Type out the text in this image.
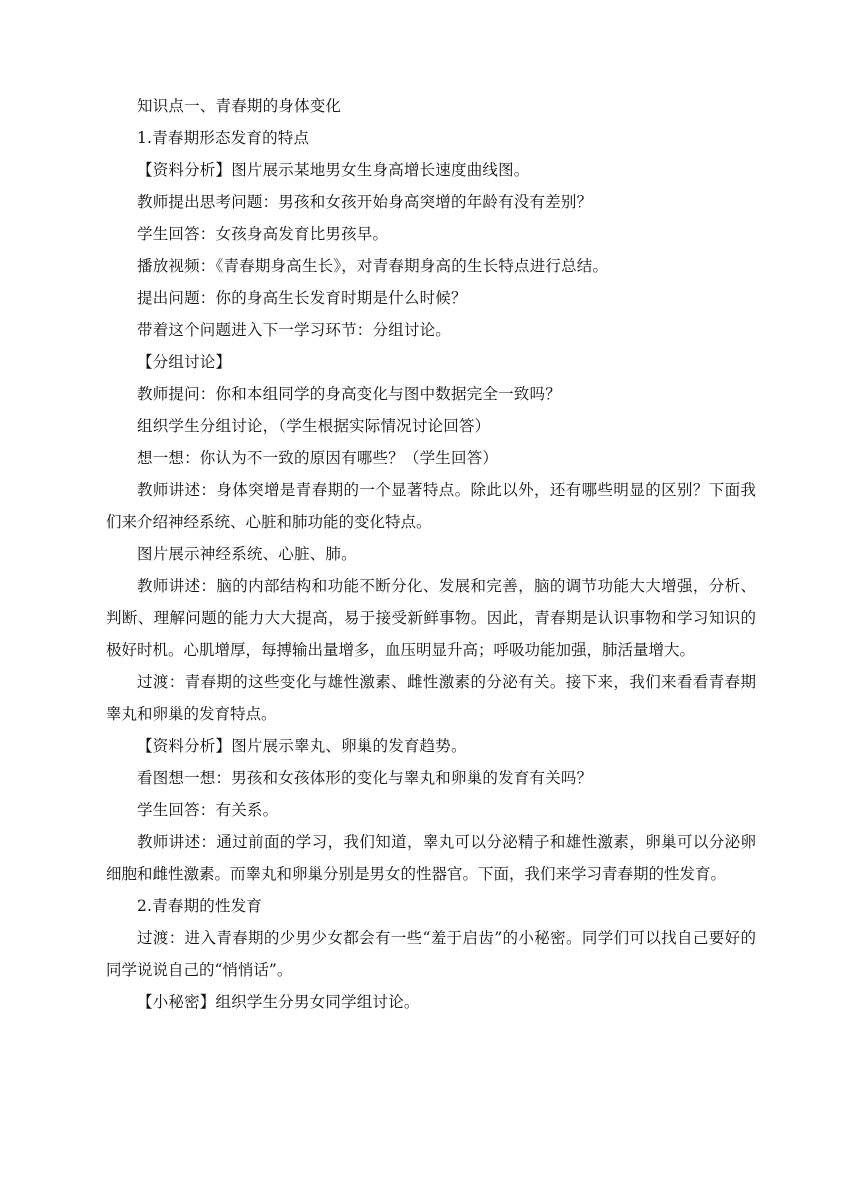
知识点一、青春期的身体变化

1.青春期形态发育的特点

【资料分析】图片展示某地男女生身高增长速度曲线图。

教师提出思考问题：男孩和女孩开始身高突增的年龄有没有差别？

学生回答：女孩身高发育比男孩早。

播放视频：《青春期身高生长》，对青春期身高的生长特点进行总结。

提出问题：你的身高生长发育时期是什么时候？

带着这个问题进入下一学习环节：分组讨论。

【分组讨论】

教师提问：你和本组同学的身高变化与图中数据完全一致吗？

组织学生分组讨论，（学生根据实际情况讨论回答）

想一想：你认为不一致的原因有哪些？（学生回答）

教师讲述：身体突增是青春期的一个显著特点。除此以外，还有哪些明显的区别？下面我们来介绍神经系统、心脏和肺功能的变化特点。

图片展示神经系统、心脏、肺。

教师讲述：脑的内部结构和功能不断分化、发展和完善，脑的调节功能大大增强，分析、判断、理解问题的能力大大提高，易于接受新鲜事物。因此，青春期是认识事物和学习知识的极好时机。心肌增厚，每搏输出量增多，血压明显升高；呼吸功能加强，肺活量增大。

过渡：青春期的这些变化与雄性激素、雌性激素的分泌有关。接下来，我们来看看青春期睾丸和卵巢的发育特点。

【资料分析】图片展示睾丸、卵巢的发育趋势。

看图想一想：男孩和女孩体形的变化与睾丸和卵巢的发育有关吗？

学生回答：有关系。

教师讲述：通过前面的学习，我们知道，睾丸可以分泌精子和雄性激素，卵巢可以分泌卵细胞和雌性激素。而睾丸和卵巢分别是男女的性器官。下面，我们来学习青春期的性发育。

2.青春期的性发育

过渡：进入青春期的少男少女都会有一些“羞于启齿”的小秘密。同学们可以找自己要好的同学说说自己的“悄悄话”。

【小秘密】组织学生分男女同学组讨论。
